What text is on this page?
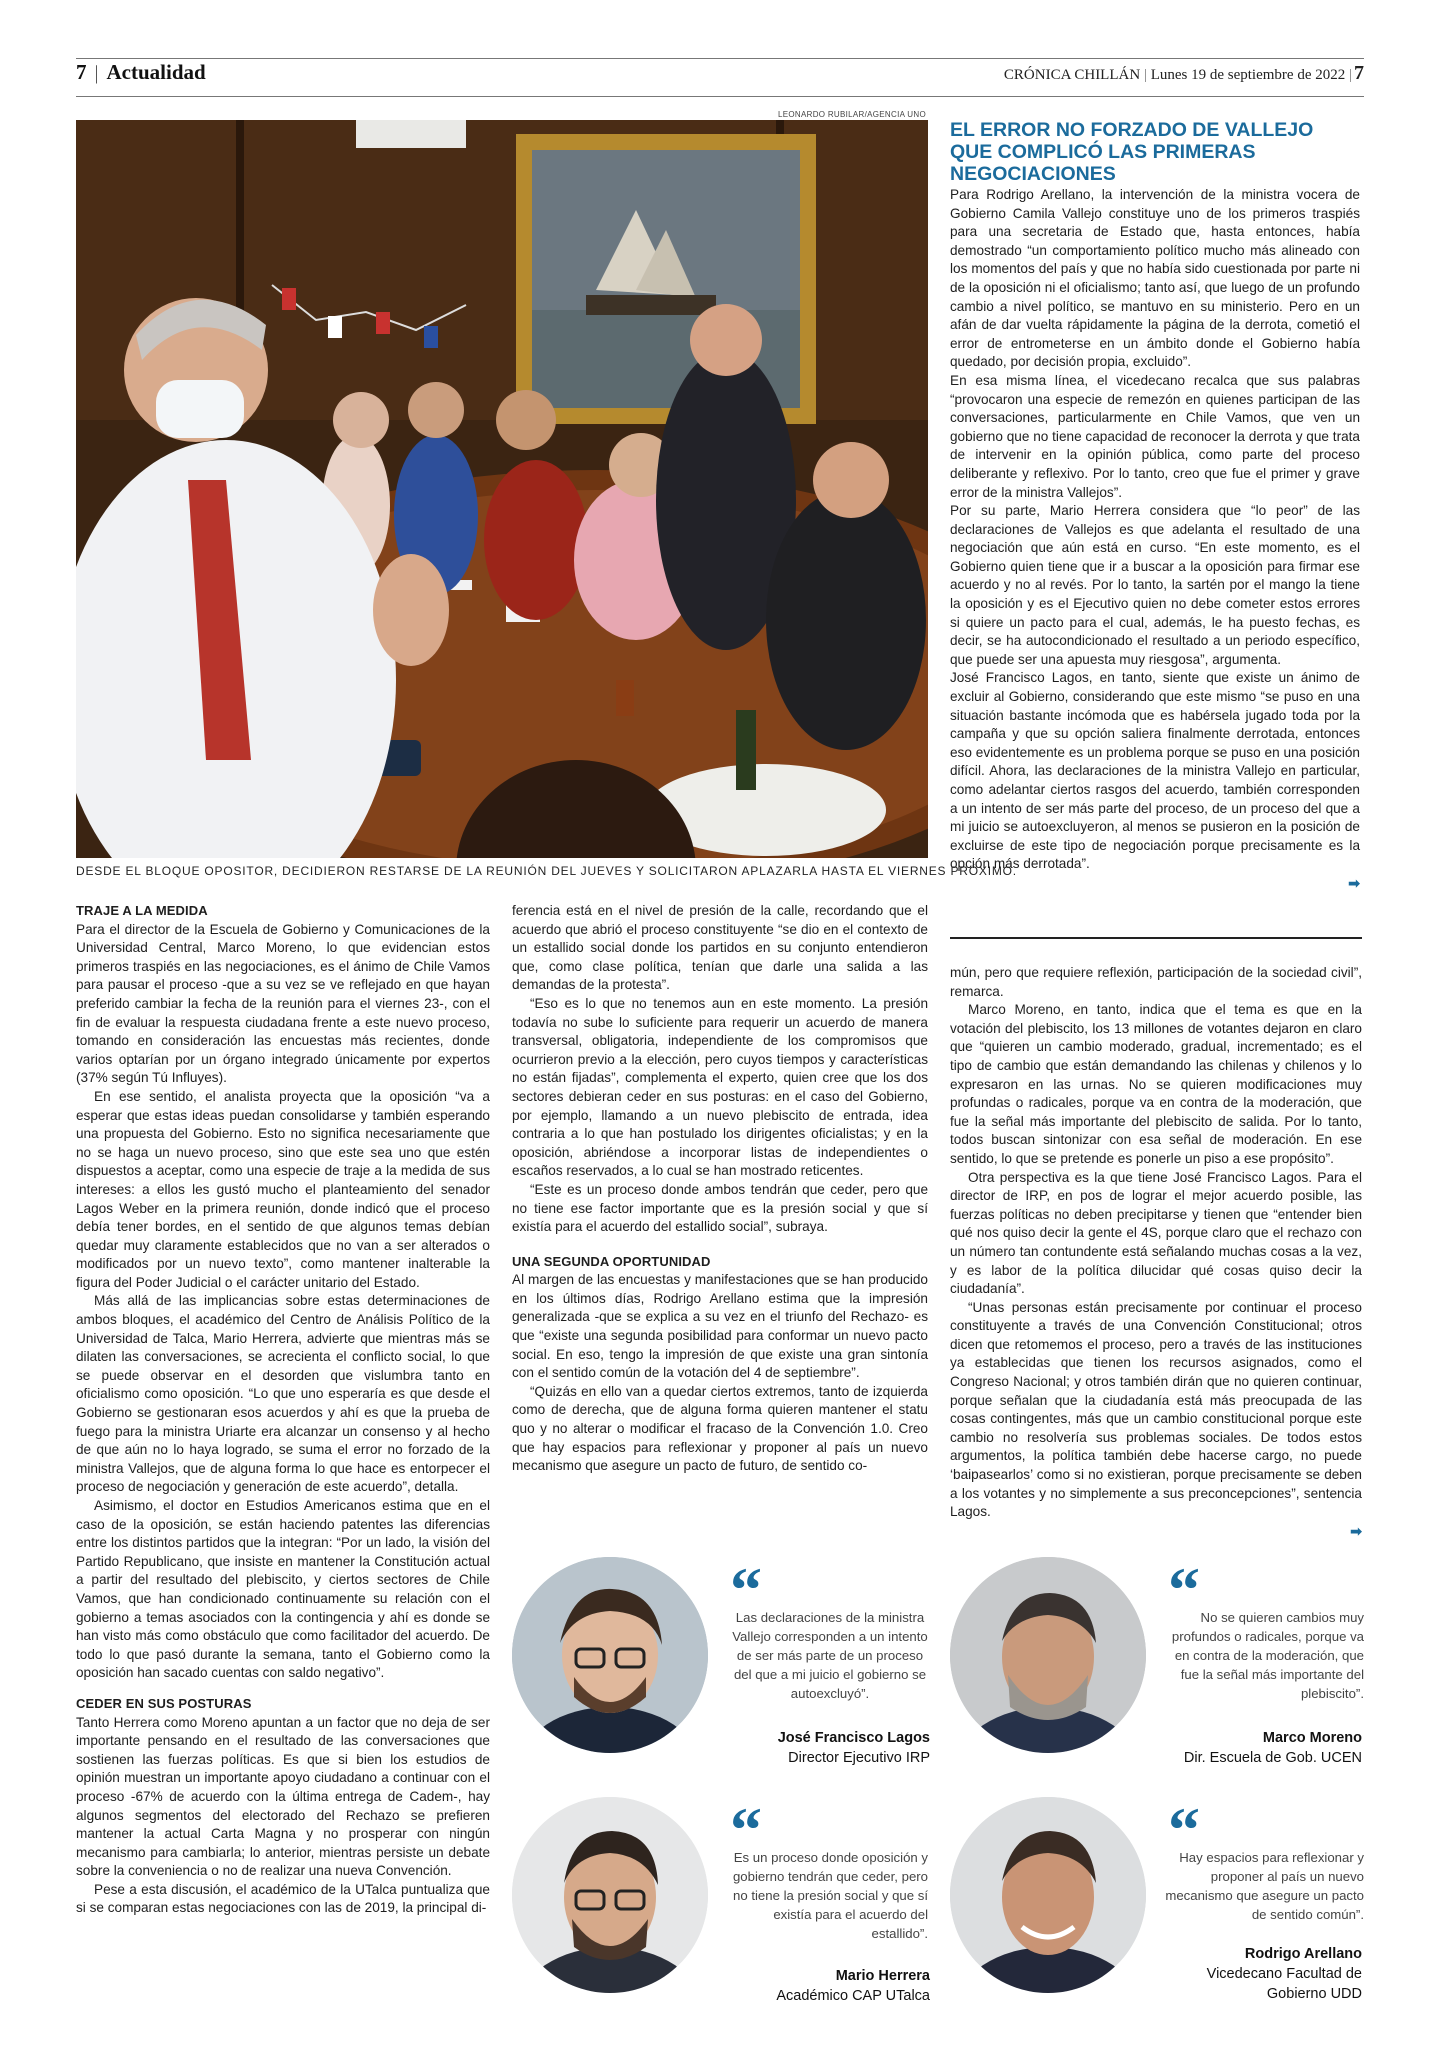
7 | Actualidad	CRÓNICA CHILLÁN | Lunes 19 de septiembre de 2022 | 7
LEONARDO RUBILAR/AGENCIA UNO
DESDE EL BLOQUE OPOSITOR, DECIDIERON RESTARSE DE LA REUNIÓN DEL JUEVES Y SOLICITARON APLAZARLA HASTA EL VIERNES PRÓXIMO.
EL ERROR NO FORZADO DE VALLEJO QUE COMPLICÓ LAS PRIMERAS NEGOCIACIONES

Para Rodrigo Arellano, la intervención de la ministra vocera de Gobierno Camila Vallejo constituye uno de los primeros traspiés para una secretaria de Estado que, hasta entonces, había demostrado “un comportamiento político mucho más alineado con los momentos del país y que no había sido cuestionada por parte ni de la oposición ni el oficialismo; tanto así, que luego de un profundo cambio a nivel político, se mantuvo en su ministerio. Pero en un afán de dar vuelta rápidamente la página de la derrota, cometió el error de entrometerse en un ámbito donde el Gobierno había quedado, por decisión propia, excluido”.

En esa misma línea, el vicedecano recalca que sus palabras “provocaron una especie de remezón en quienes participan de las conversaciones, particularmente en Chile Vamos, que ven un gobierno que no tiene capacidad de reconocer la derrota y que trata de intervenir en la opinión pública, como parte del proceso deliberante y reflexivo. Por lo tanto, creo que fue el primer y grave error de la ministra Vallejos”.

Por su parte, Mario Herrera considera que “lo peor” de las declaraciones de Vallejos es que adelanta el resultado de una negociación que aún está en curso. “En este momento, es el Gobierno quien tiene que ir a buscar a la oposición para firmar ese acuerdo y no al revés. Por lo tanto, la sartén por el mango la tiene la oposición y es el Ejecutivo quien no debe cometer estos errores si quiere un pacto para el cual, además, le ha puesto fechas, es decir, se ha autocondicionado el resultado a un periodo específico, que puede ser una apuesta muy riesgosa”, argumenta.

José Francisco Lagos, en tanto, siente que existe un ánimo de excluir al Gobierno, considerando que este mismo “se puso en una situación bastante incómoda que es habérsela jugado toda por la campaña y que su opción saliera finalmente derrotada, entonces eso evidentemente es un problema porque se puso en una posición difícil. Ahora, las declaraciones de la ministra Vallejo en particular, como adelantar ciertos rasgos del acuerdo, también corresponden a un intento de ser más parte del proceso, de un proceso del que a mi juicio se autoexcluyeron, al menos se pusieron en la posición de excluirse de este tipo de negociación porque precisamente es la opción más derrotada”.

➡
TRAJE A LA MEDIDA

Para el director de la Escuela de Gobierno y Comunicaciones de la Universidad Central, Marco Moreno, lo que evidencian estos primeros traspiés en las negociaciones, es el ánimo de Chile Vamos para pausar el proceso -que a su vez se ve reflejado en que hayan preferido cambiar la fecha de la reunión para el viernes 23-, con el fin de evaluar la respuesta ciudadana frente a este nuevo proceso, tomando en consideración las encuestas más recientes, donde varios optarían por un órgano integrado únicamente por expertos (37% según Tú Influyes).

En ese sentido, el analista proyecta que la oposición “va a esperar que estas ideas puedan consolidarse y también esperando una propuesta del Gobierno. Esto no significa necesariamente que no se haga un nuevo proceso, sino que este sea uno que estén dispuestos a aceptar, como una especie de traje a la medida de sus intereses: a ellos les gustó mucho el planteamiento del senador Lagos Weber en la primera reunión, donde indicó que el proceso debía tener bordes, en el sentido de que algunos temas debían quedar muy claramente establecidos que no van a ser alterados o modificados por un nuevo texto”, como mantener inalterable la figura del Poder Judicial o el carácter unitario del Estado.

Más allá de las implicancias sobre estas determinaciones de ambos bloques, el académico del Centro de Análisis Político de la Universidad de Talca, Mario Herrera, advierte que mientras más se dilaten las conversaciones, se acrecienta el conflicto social, lo que se puede observar en el desorden que vislumbra tanto en oficialismo como oposición. “Lo que uno esperaría es que desde el Gobierno se gestionaran esos acuerdos y ahí es que la prueba de fuego para la ministra Uriarte era alcanzar un consenso y al hecho de que aún no lo haya logrado, se suma el error no forzado de la ministra Vallejos, que de alguna forma lo que hace es entorpecer el proceso de negociación y generación de este acuerdo”, detalla.

Asimismo, el doctor en Estudios Americanos estima que en el caso de la oposición, se están haciendo patentes las diferencias entre los distintos partidos que la integran: “Por un lado, la visión del Partido Republicano, que insiste en mantener la Constitución actual a partir del resultado del plebiscito, y ciertos sectores de Chile Vamos, que han condicionado continuamente su relación con el gobierno a temas asociados con la contingencia y ahí es donde se han visto más como obstáculo que como facilitador del acuerdo. De todo lo que pasó durante la semana, tanto el Gobierno como la oposición han sacado cuentas con saldo negativo”.

CEDER EN SUS POSTURAS

Tanto Herrera como Moreno apuntan a un factor que no deja de ser importante pensando en el resultado de las conversaciones que sostienen las fuerzas políticas. Es que si bien los estudios de opinión muestran un importante apoyo ciudadano a continuar con el proceso -67% de acuerdo con la última entrega de Cadem-, hay algunos segmentos del electorado del Rechazo se prefieren mantener la actual Carta Magna y no prosperar con ningún mecanismo para cambiarla; lo anterior, mientras persiste un debate sobre la conveniencia o no de realizar una nueva Convención.

Pese a esta discusión, el académico de la UTalca puntualiza que si se comparan estas negociaciones con las de 2019, la principal di-

ferencia está en el nivel de presión de la calle, recordando que el acuerdo que abrió el proceso constituyente “se dio en el contexto de un estallido social donde los partidos en su conjunto entendieron que, como clase política, tenían que darle una salida a las demandas de la protesta”.

“Eso es lo que no tenemos aun en este momento. La presión todavía no sube lo suficiente para requerir un acuerdo de manera transversal, obligatoria, independiente de los compromisos que ocurrieron previo a la elección, pero cuyos tiempos y características no están fijadas”, complementa el experto, quien cree que los dos sectores debieran ceder en sus posturas: en el caso del Gobierno, por ejemplo, llamando a un nuevo plebiscito de entrada, idea contraria a lo que han postulado los dirigentes oficialistas; y en la oposición, abriéndose a incorporar listas de independientes o escaños reservados, a lo cual se han mostrado reticentes.

“Este es un proceso donde ambos tendrán que ceder, pero que no tiene ese factor importante que es la presión social y que sí existía para el acuerdo del estallido social”, subraya.

UNA SEGUNDA OPORTUNIDAD

Al margen de las encuestas y manifestaciones que se han producido en los últimos días, Rodrigo Arellano estima que la impresión generalizada -que se explica a su vez en el triunfo del Rechazo- es que “existe una segunda posibilidad para conformar un nuevo pacto social. En eso, tengo la impresión de que existe una gran sintonía con el sentido común de la votación del 4 de septiembre”.

“Quizás en ello van a quedar ciertos extremos, tanto de izquierda como de derecha, que de alguna forma quieren mantener el statu quo y no alterar o modificar el fracaso de la Convención 1.0. Creo que hay espacios para reflexionar y proponer al país un nuevo mecanismo que asegure un pacto de futuro, de sentido co-

mún, pero que requiere reflexión, participación de la sociedad civil”, remarca.

Marco Moreno, en tanto, indica que el tema es que en la votación del plebiscito, los 13 millones de votantes dejaron en claro que “quieren un cambio moderado, gradual, incrementado; es el tipo de cambio que están demandando las chilenas y chilenos y lo expresaron en las urnas. No se quieren modificaciones muy profundas o radicales, porque va en contra de la moderación, que fue la señal más importante del plebiscito de salida. Por lo tanto, todos buscan sintonizar con esa señal de moderación. En ese sentido, lo que se pretende es ponerle un piso a ese propósito”.

Otra perspectiva es la que tiene José Francisco Lagos. Para el director de IRP, en pos de lograr el mejor acuerdo posible, las fuerzas políticas no deben precipitarse y tienen que “entender bien qué nos quiso decir la gente el 4S, porque claro que el rechazo con un número tan contundente está señalando muchas cosas a la vez, y es labor de la política dilucidar qué cosas quiso decir la ciudadanía”.

“Unas personas están precisamente por continuar el proceso constituyente a través de una Convención Constitucional; otros dicen que retomemos el proceso, pero a través de las instituciones ya establecidas que tienen los recursos asignados, como el Congreso Nacional; y otros también dirán que no quieren continuar, porque señalan que la ciudadanía está más preocupada de las cosas contingentes, más que un cambio constitucional porque este cambio no resolvería sus problemas sociales. De todos estos argumentos, la política también debe hacerse cargo, no puede ‘baipasearlos’ como si no existieran, porque precisamente se deben a los votantes y no simplemente a sus preconcepciones”, sentencia Lagos.

➡
“
Las declaraciones de la ministra Vallejo corresponden a un intento de ser más parte de un proceso del que a mi juicio el gobierno se autoexcluyó”.
José Francisco Lagos
Director Ejecutivo IRP
“ No se quieren cambios muy profundos o radicales, porque va en contra de la moderación, que fue la señal más importante del plebiscito”.
Marco Moreno
Dir. Escuela de Gob. UCEN
“
Es un proceso donde oposición y gobierno tendrán que ceder, pero no tiene la presión social y que sí existía para el acuerdo del estallido”.
Mario Herrera
Académico CAP UTalca
“
Hay espacios para reflexionar y proponer al país un nuevo mecanismo que asegure un pacto de sentido común”.
Rodrigo Arellano
Vicedecano Facultad de
Gobierno UDD
